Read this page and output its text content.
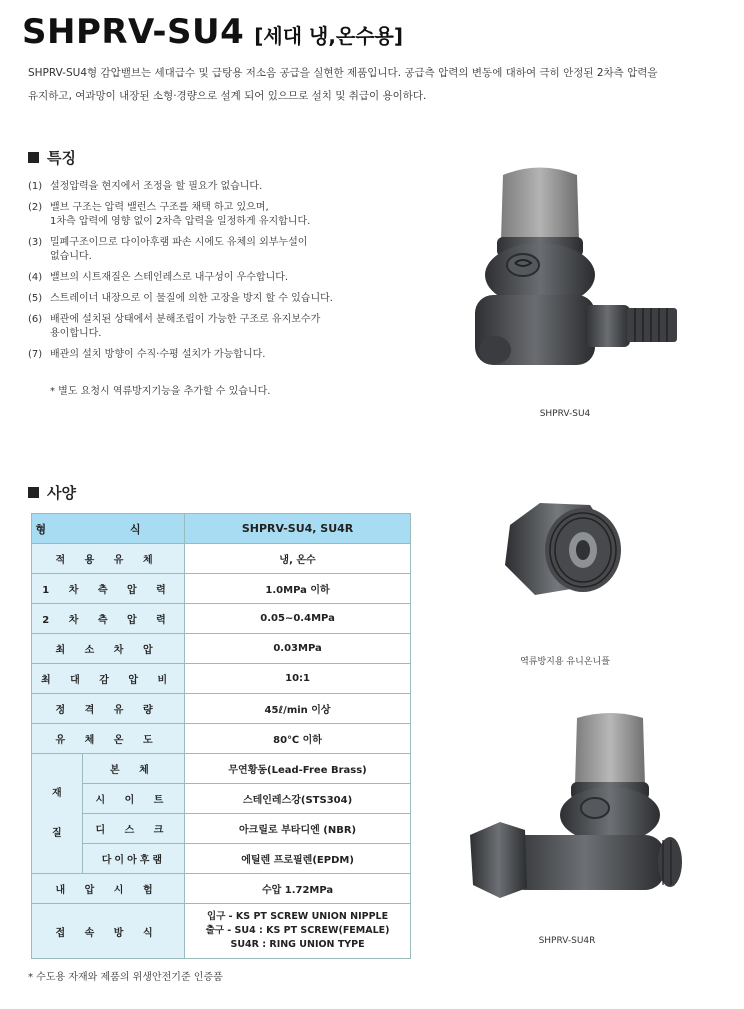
SHPRV-SU4 [세대 냉,온수용]
SHPRV-SU4형 감압밸브는 세대급수 및 급탕용 저소음 공급을 실현한 제품입니다. 공급측 압력의 변동에 대하여 극히 안정된 2차측 압력을
유지하고, 여과망이 내장된 소형·경량으로 설계 되어 있으므로 설치 및 취급이 용이하다.
특징
(1) 설정압력을 현지에서 조정을 할 필요가 없습니다.
(2) 밸브 구조는 압력 밸런스 구조를 채택 하고 있으며,
1차측 압력에 영향 없이 2차측 압력을 일정하게 유지합니다.
(3) 밀폐구조이므로 다이아후램 파손 시에도 유체의 외부누설이
없습니다.
(4) 밸브의 시트재질은 스테인레스로 내구성이 우수합니다.
(5) 스트레이너 내장으로 이 물질에 의한 고장을 방지 할 수 있습니다.
(6) 배관에 설치된 상태에서 분해조립이 가능한 구조로 유지보수가
용이합니다.
(7) 배관의 설치 방향이 수직·수평 설치가 가능합니다.
* 별도 요청시 역류방지기능을 추가할 수 있습니다.
SHPRV-SU4
사양
형 식		SHPRV-SU4, SU4R
적 용 유 체		냉, 온수
1 차 측 압 력		1.0MPa 이하
2 차 측 압 력		0.05~0.4MPa
최 소 차 압		0.03MPa
최 대 감 압 비		10:1
정 격 유 량		45ℓ/min 이상
유 체 온 도		80℃ 이하

재
질	본 체	무연황동(Lead-Free Brass)
	시 이 트	스테인레스강(STS304)
	디 스 크	아크릴로 부타디엔 (NBR)
	다이아후램	에틸렌 프로필렌(EPDM)
내 압 시 험		수압 1.72MPa
접 속 방 식		입구 - KS PT SCREW UNION NIPPLE
출구 - SU4 : KS PT SCREW(FEMALE)
SU4R : RING UNION TYPE
역류방지용 유니온니플
SHPRV-SU4R
* 수도용 자재와 제품의 위생안전기준 인증품
